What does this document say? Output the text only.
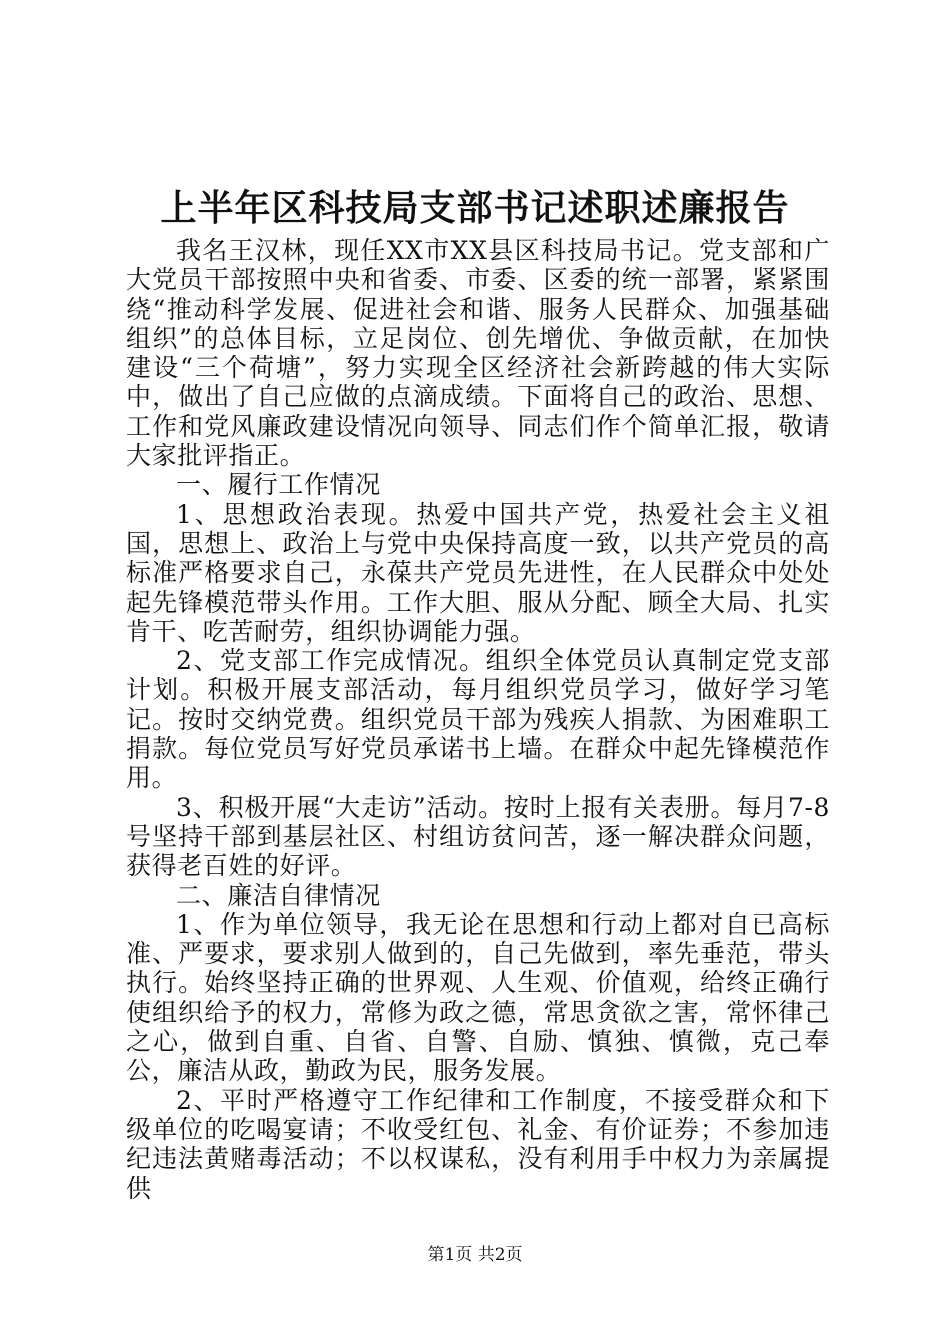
上半年区科技局支部书记述职述廉报告

我名王汉林，现任XX市XX县区科技局书记。党支部和广大党员干部按照中央和省委、市委、区委的统一部署，紧紧围绕“推动科学发展、促进社会和谐、服务人民群众、加强基础组织”的总体目标，立足岗位、创先增优、争做贡献，在加快建设“三个荷塘”，努力实现全区经济社会新跨越的伟大实际中，做出了自己应做的点滴成绩。下面将自己的政治、思想、工作和党风廉政建设情况向领导、同志们作个简单汇报，敬请大家批评指正。

一、履行工作情况

1、思想政治表现。热爱中国共产党，热爱社会主义祖国，思想上、政治上与党中央保持高度一致，以共产党员的高标准严格要求自己，永葆共产党员先进性，在人民群众中处处起先锋模范带头作用。工作大胆、服从分配、顾全大局、扎实肯干、吃苦耐劳，组织协调能力强。

2、党支部工作完成情况。组织全体党员认真制定党支部计划。积极开展支部活动，每月组织党员学习，做好学习笔记。按时交纳党费。组织党员干部为残疾人捐款、为困难职工捐款。每位党员写好党员承诺书上墙。在群众中起先锋模范作用。

3、积极开展“大走访”活动。按时上报有关表册。每月7-8号坚持干部到基层社区、村组访贫问苦，逐一解决群众问题，获得老百姓的好评。

二、廉洁自律情况

1、作为单位领导，我无论在思想和行动上都对自已高标准、严要求，要求别人做到的，自己先做到，率先垂范，带头执行。始终坚持正确的世界观、人生观、价值观，给终正确行使组织给予的权力，常修为政之德，常思贪欲之害，常怀律己之心，做到自重、自省、自警、自励、慎独、慎微，克己奉公，廉洁从政，勤政为民，服务发展。

2、平时严格遵守工作纪律和工作制度，不接受群众和下级单位的吃喝宴请；不收受红包、礼金、有价证券；不参加违纪违法黄赌毒活动；不以权谋私，没有利用手中权力为亲属提供

第1页 共2页
